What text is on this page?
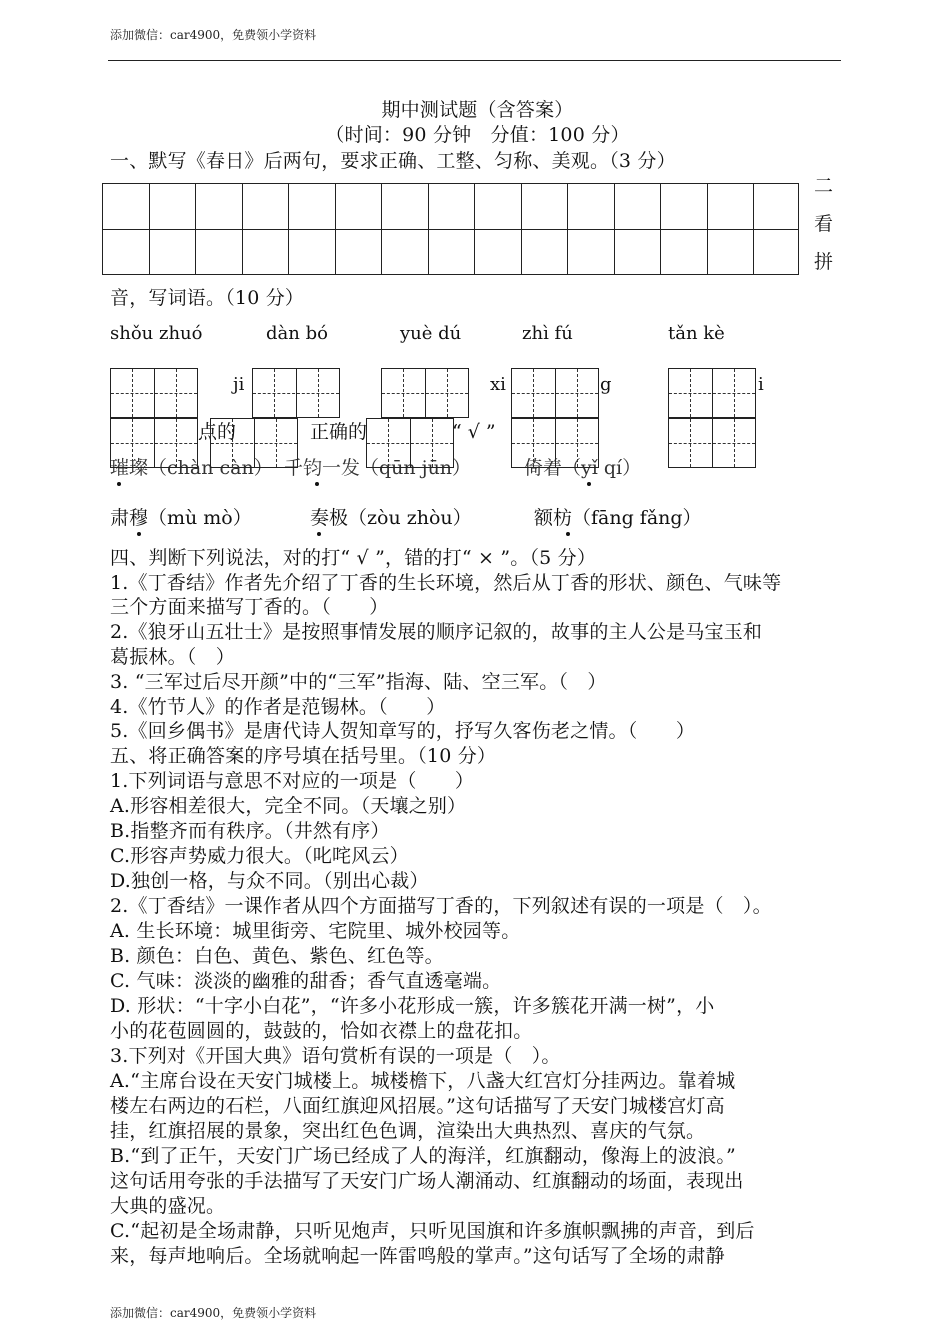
添加微信：car4900，免费领小学资料
期中测试题（含答案）
（时间：90 分钟　分值：100 分）
一、默写《春日》后两句，要求正确、工整、匀称、美观。（3 分）
二
看
拼
音，写词语。（10 分）
shǒu zhuó	dàn bó	yuè dú	zhì fú	tǎn kè
ji	xi	g	i
点的	正确的	“ √ ”
璀璨（chàn càn） 千钧一发（qūn jūn）	倚着（yǐ qí）
肃穆（mù mò）	奏极（zòu zhòu）	额枋（fāng fǎng）
四、判断下列说法，对的打“ √ ”，错的打“ × ”。（5 分）
1.《丁香结》作者先介绍了丁香的生长环境，然后从丁香的形状、颜色、气味等
三个方面来描写丁香的。（　　）
2.《狼牙山五壮士》是按照事情发展的顺序记叙的，故事的主人公是马宝玉和
葛振林。（　）
3. “三军过后尽开颜”中的“三军”指海、陆、空三军。（　）
4.《竹节人》的作者是范锡林。（　　）
5.《回乡偶书》是唐代诗人贺知章写的，抒写久客伤老之情。（　　）
五、将正确答案的序号填在括号里。（10 分）
1.下列词语与意思不对应的一项是（　　）
A.形容相差很大，完全不同。（天壤之别）
B.指整齐而有秩序。（井然有序）
C.形容声势威力很大。（叱咤风云）
D.独创一格，与众不同。（别出心裁）
2.《丁香结》一课作者从四个方面描写丁香的，下列叙述有误的一项是（　）。
A. 生长环境：城里街旁、宅院里、城外校园等。
B. 颜色：白色、黄色、紫色、红色等。
C. 气味：淡淡的幽雅的甜香；香气直透毫端。
D. 形状：“十字小白花”，“许多小花形成一簇，许多簇花开满一树”，小
小的花苞圆圆的，鼓鼓的，恰如衣襟上的盘花扣。
3.下列对《开国大典》语句赏析有误的一项是（　）。
A.“主席台设在天安门城楼上。城楼檐下，八盏大红宫灯分挂两边。靠着城
楼左右两边的石栏，八面红旗迎风招展。”这句话描写了天安门城楼宫灯高
挂，红旗招展的景象，突出红色色调，渲染出大典热烈、喜庆的气氛。
B.“到了正午，天安门广场已经成了人的海洋，红旗翻动，像海上的波浪。”
这句话用夸张的手法描写了天安门广场人潮涌动、红旗翻动的场面，表现出
大典的盛况。
C.“起初是全场肃静，只听见炮声，只听见国旗和许多旗帜飘拂的声音，到后
来，每声地响后。全场就响起一阵雷鸣般的掌声。”这句话写了全场的肃静
添加微信：car4900，免费领小学资料
